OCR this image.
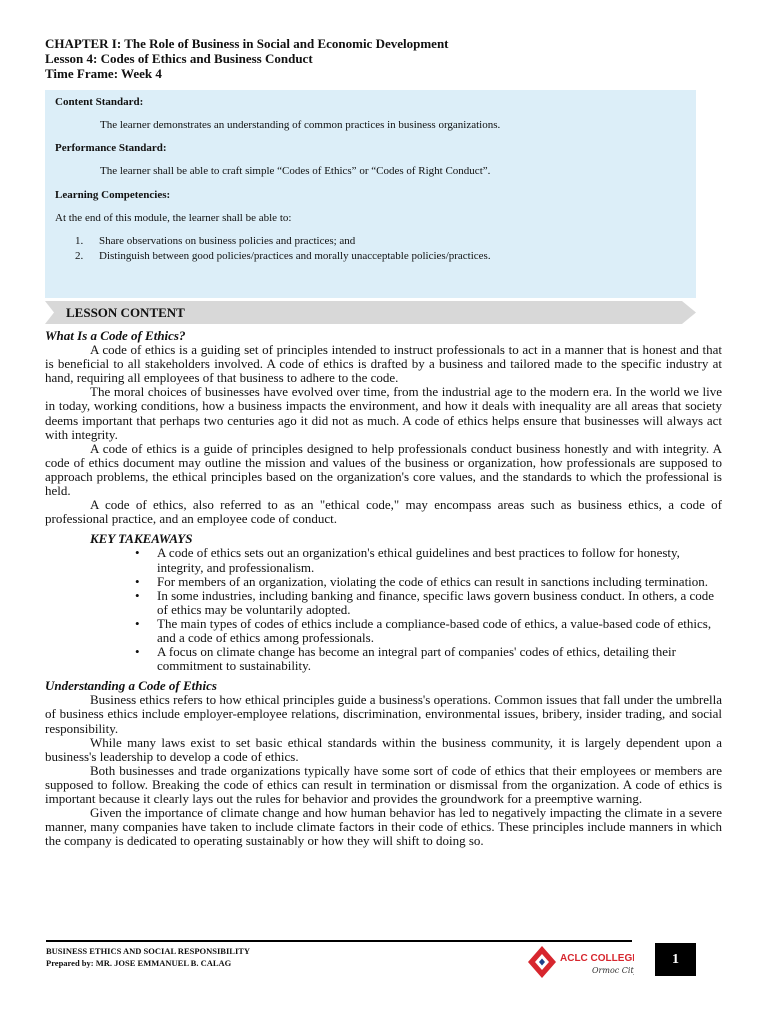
CHAPTER I: The Role of Business in Social and Economic Development
Lesson 4: Codes of Ethics and Business Conduct
Time Frame: Week 4
Content Standard:
The learner demonstrates an understanding of common practices in business organizations.
Performance Standard:
The learner shall be able to craft simple “Codes of Ethics” or “Codes of Right Conduct”.
Learning Competencies:
At the end of this module, the learner shall be able to:
1. Share observations on business policies and practices; and
2. Distinguish between good policies/practices and morally unacceptable policies/practices.
LESSON CONTENT
What Is a Code of Ethics?

A code of ethics is a guiding set of principles intended to instruct professionals to act in a manner that is honest and that is beneficial to all stakeholders involved. A code of ethics is drafted by a business and tailored made to the specific industry at hand, requiring all employees of that business to adhere to the code.

The moral choices of businesses have evolved over time, from the industrial age to the modern era. In the world we live in today, working conditions, how a business impacts the environment, and how it deals with inequality are all areas that society deems important that perhaps two centuries ago it did not as much. A code of ethics helps ensure that businesses will always act with integrity.

A code of ethics is a guide of principles designed to help professionals conduct business honestly and with integrity. A code of ethics document may outline the mission and values of the business or organization, how professionals are supposed to approach problems, the ethical principles based on the organization's core values, and the standards to which the professional is held.

A code of ethics, also referred to as an "ethical code," may encompass areas such as business ethics, a code of professional practice, and an employee code of conduct.

KEY TAKEAWAYS
• A code of ethics sets out an organization's ethical guidelines and best practices to follow for honesty, integrity, and professionalism.
• For members of an organization, violating the code of ethics can result in sanctions including termination.
• In some industries, including banking and finance, specific laws govern business conduct. In others, a code of ethics may be voluntarily adopted.
• The main types of codes of ethics include a compliance-based code of ethics, a value-based code of ethics, and a code of ethics among professionals.
• A focus on climate change has become an integral part of companies' codes of ethics, detailing their commitment to sustainability.
Understanding a Code of Ethics

Business ethics refers to how ethical principles guide a business's operations. Common issues that fall under the umbrella of business ethics include employer-employee relations, discrimination, environmental issues, bribery, insider trading, and social responsibility.

While many laws exist to set basic ethical standards within the business community, it is largely dependent upon a business's leadership to develop a code of ethics.

Both businesses and trade organizations typically have some sort of code of ethics that their employees or members are supposed to follow. Breaking the code of ethics can result in termination or dismissal from the organization. A code of ethics is important because it clearly lays out the rules for behavior and provides the groundwork for a preemptive warning.

Given the importance of climate change and how human behavior has led to negatively impacting the climate in a severe manner, many companies have taken to include climate factors in their code of ethics. These principles include manners in which the company is dedicated to operating sustainably or how they will shift to doing so.

BUSINESS ETHICS AND SOCIAL RESPONSIBILITY
Prepared by: MR. JOSE EMMANUEL B. CALAG	ACLC COLLEGE
Ormoc City
1
